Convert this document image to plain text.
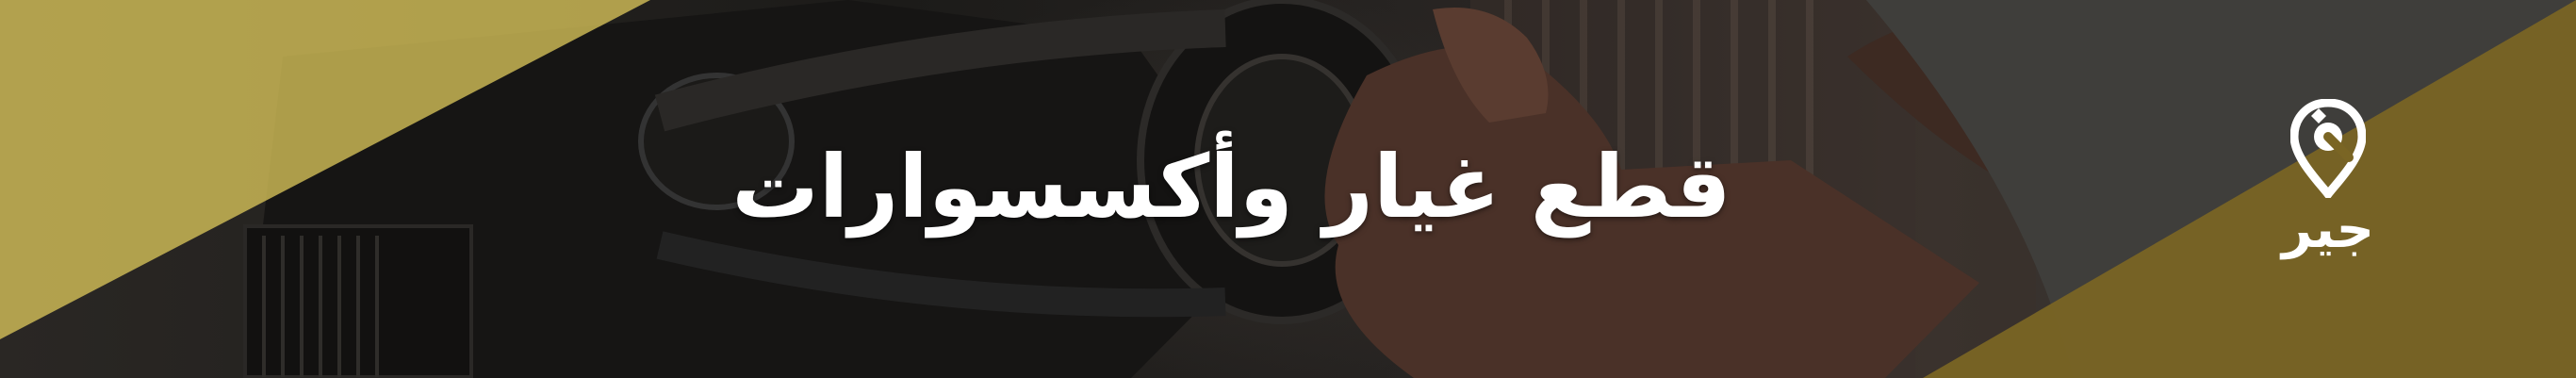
قطع غيار وأكسسوارات	جير
